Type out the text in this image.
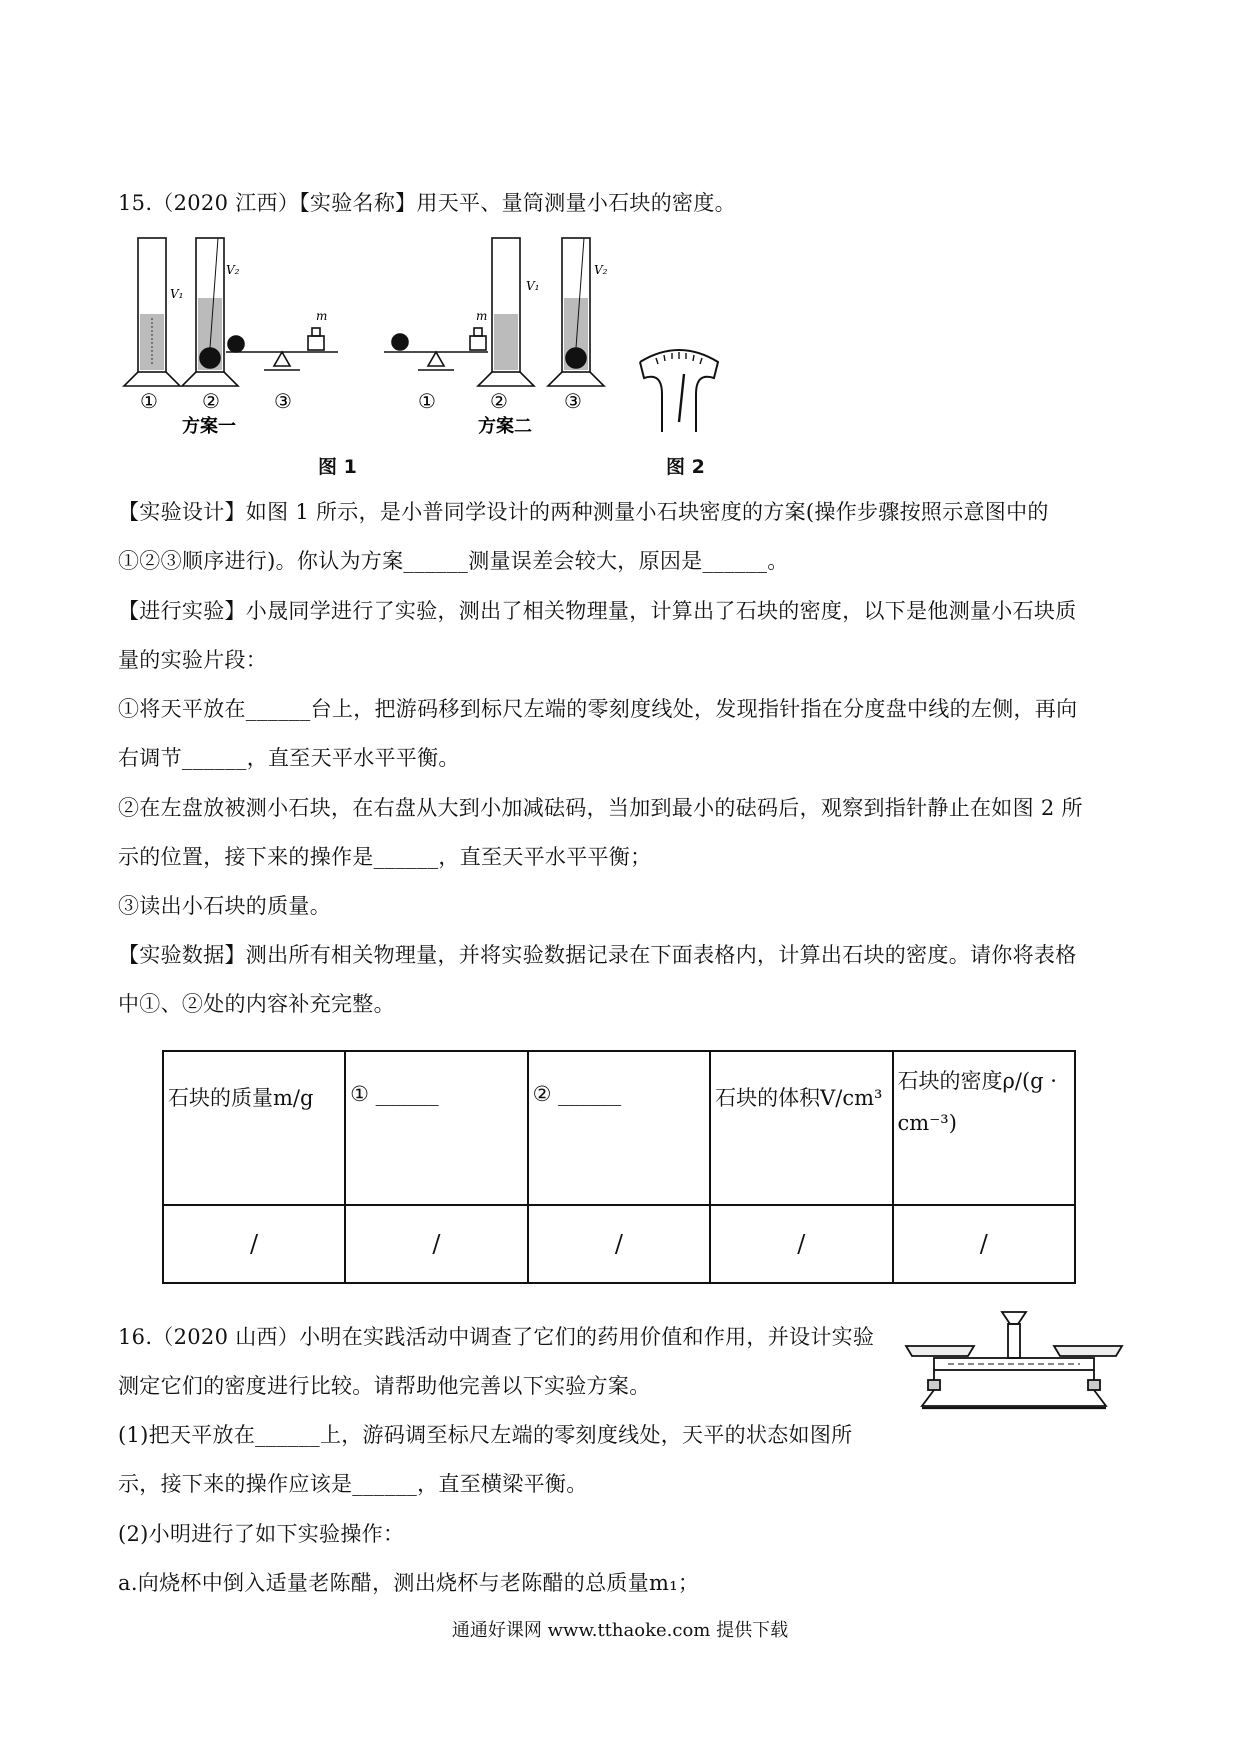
15.（2020 江西）【实验名称】用天平、量筒测量小石块的密度。
V₁
V₂
m
① ②	③
方案一
m
V₁
V₂
①	②	③
方案二
图 1	图 2
【实验设计】如图 1 所示，是小普同学设计的两种测量小石块密度的方案(操作步骤按照示意图中的
①②③顺序进行)。你认为方案______测量误差会较大，原因是______。
【进行实验】小晟同学进行了实验，测出了相关物理量，计算出了石块的密度，以下是他测量小石块质
量的实验片段：
①将天平放在______台上，把游码移到标尺左端的零刻度线处，发现指针指在分度盘中线的左侧，再向
右调节______，直至天平水平平衡。
②在左盘放被测小石块，在右盘从大到小加减砝码，当加到最小的砝码后，观察到指针静止在如图 2 所
示的位置，接下来的操作是______，直至天平水平平衡；
③读出小石块的质量。
【实验数据】测出所有相关物理量，并将实验数据记录在下面表格内，计算出石块的密度。请你将表格
中①、②处的内容补充完整。
石块的质量m/g	① ______	② ______	石块的体积V/cm³	石块的密度ρ/(g · cm⁻³)
/	/	/	/	/
16.（2020 山西）小明在实践活动中调查了它们的药用价值和作用，并设计实验
测定它们的密度进行比较。请帮助他完善以下实验方案。
(1)把天平放在______上，游码调至标尺左端的零刻度线处，天平的状态如图所
示，接下来的操作应该是______，直至横梁平衡。
(2)小明进行了如下实验操作：
a.向烧杯中倒入适量老陈醋，测出烧杯与老陈醋的总质量m₁；
通通好课网 www.tthaoke.com 提供下载
